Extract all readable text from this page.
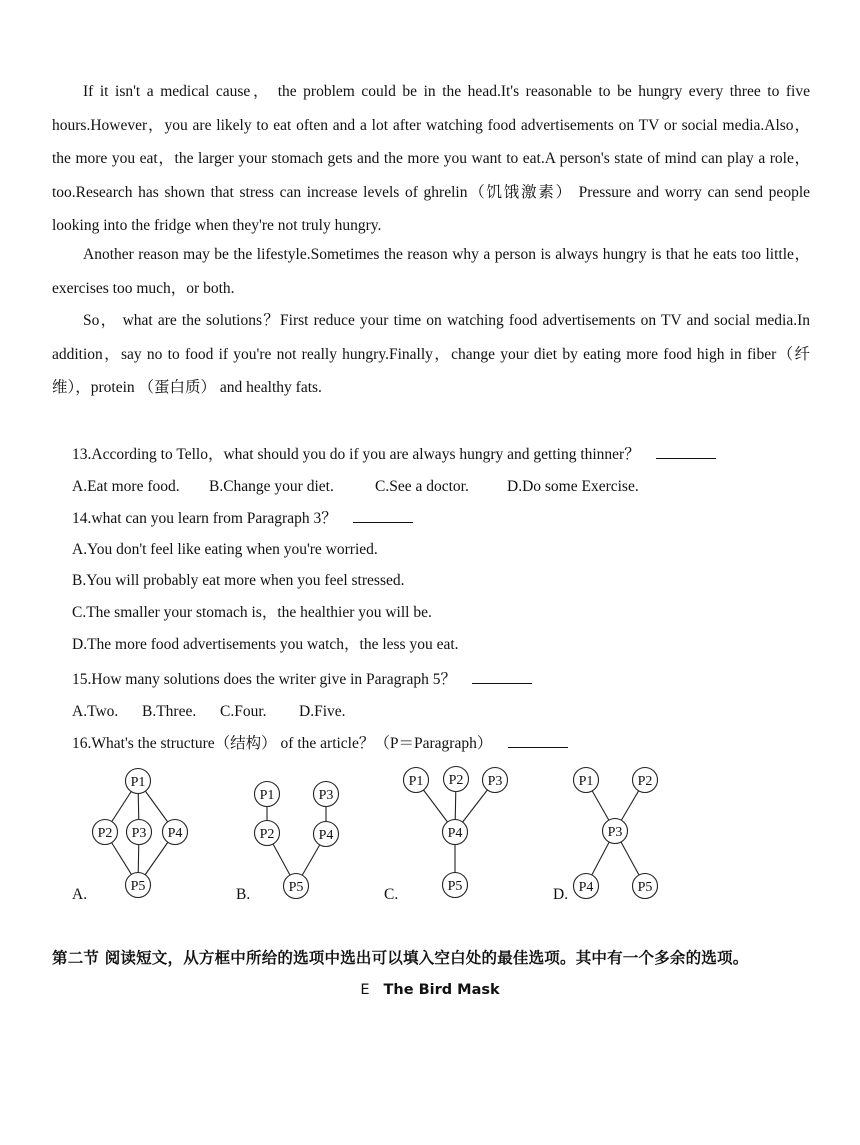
If it isn't a medical cause， the problem could be in the head.It's reasonable to be hungry every three to five hours.However，you are likely to eat often and a lot after watching food advertisements on TV or social media.Also，the more you eat，the larger your stomach gets and the more you want to eat.A person's state of mind can play a role，too.Research has shown that stress can increase levels of ghrelin（饥饿激素） Pressure and worry can send people looking into the fridge when they're not truly hungry.

Another reason may be the lifestyle.Sometimes the reason why a person is always hungry is that he eats too little， exercises too much，or both.

So， what are the solutions？First reduce your time on watching food advertisements on TV and social media.In addition，say no to food if you're not really hungry.Finally，change your diet by eating more food high in fiber（纤维），protein （蛋白质） and healthy fats.

13.According to Tello，what should you do if you are always hungry and getting thinner？

A.Eat more food. B.Change your diet.	C.See a doctor. D.Do some Exercise.

14.what can you learn from Paragraph 3？

A.You don't feel like eating when you're worried.

B.You will probably eat more when you feel stressed.

C.The smaller your stomach is，the healthier you will be.

D.The more food advertisements you watch，the less you eat.

15.How many solutions does the writer give in Paragraph 5？

A.Two. B.Three. C.Four. D.Five.

16.What's the structure（结构） of the article？（P＝Paragraph）

P1
P2 P3 P4
P5
A.
P1	P3
P2	P4
P5
B.
P1 P2 P3
P4
P5
C.
P1	P2
P3
P4	P5
D.
第二节 阅读短文，从方框中所给的选项中选出可以填入空白处的最佳选项。其中有一个多余的选项。
E The Bird Mask
